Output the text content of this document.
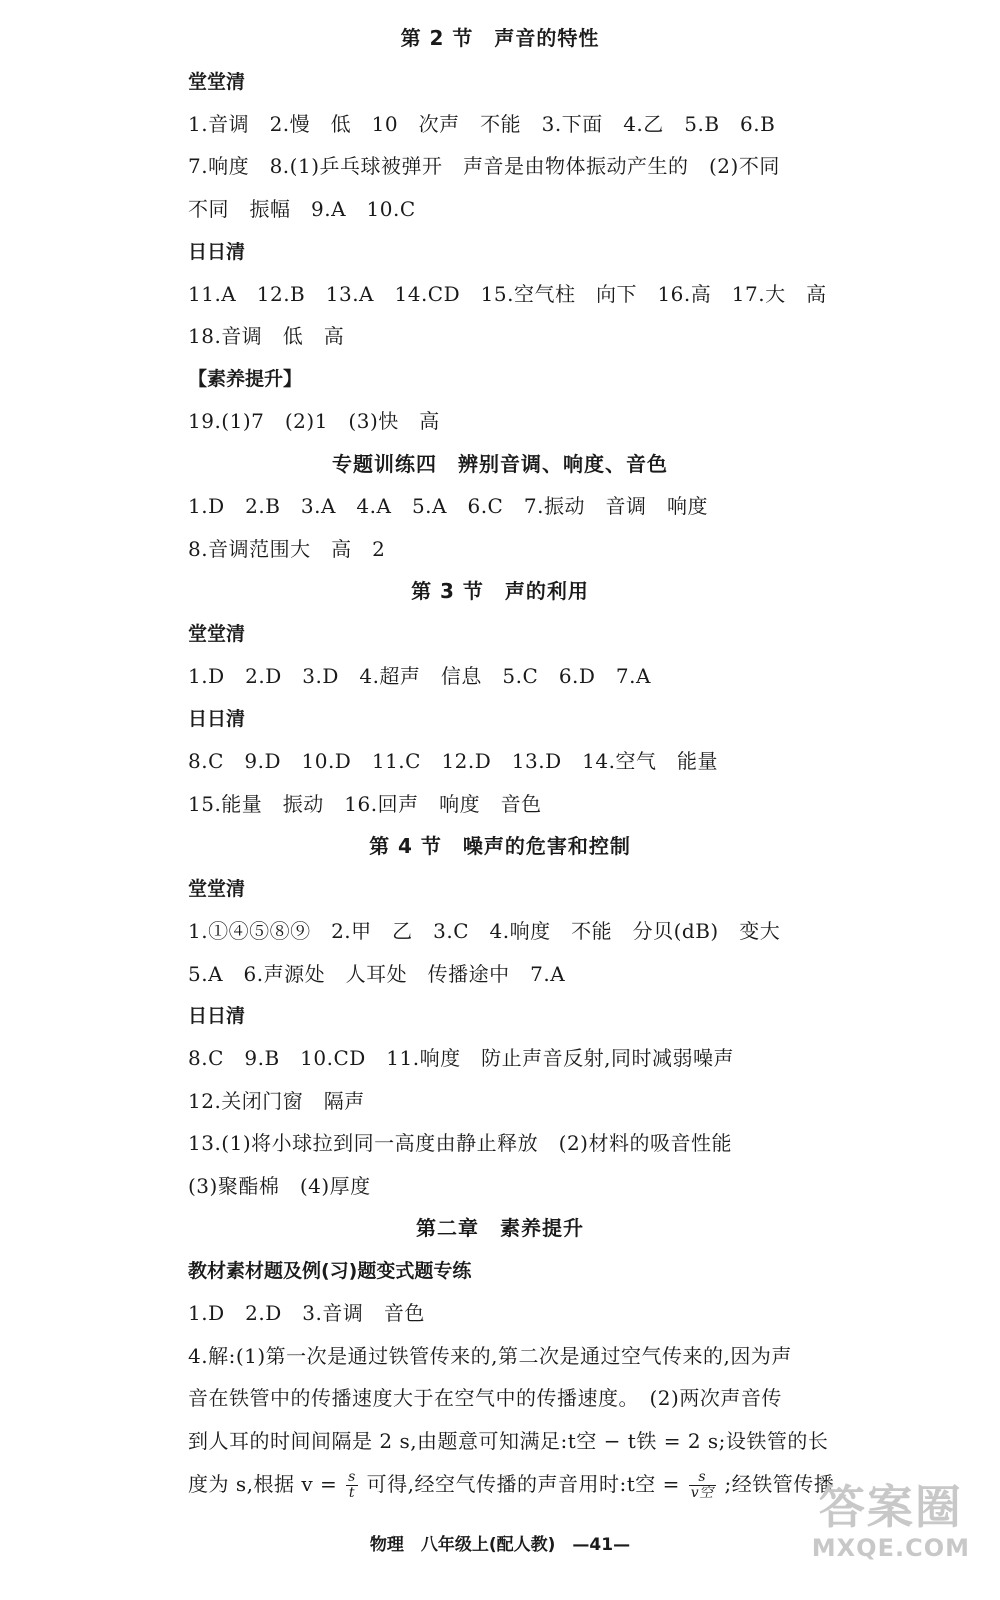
第 2 节　声音的特性
堂堂清
1.音调　2.慢　低　10　次声　不能　3.下面　4.乙　5.B　6.B
7.响度　8.(1)乒乓球被弹开　声音是由物体振动产生的　(2)不同
不同　振幅　9.A　10.C
日日清
11.A　12.B　13.A　14.CD　15.空气柱　向下　16.高　17.大　高
18.音调　低　高
【素养提升】
19.(1)7　(2)1　(3)快　高
专题训练四　辨别音调、响度、音色
1.D　2.B　3.A　4.A　5.A　6.C　7.振动　音调　响度
8.音调范围大　高　2
第 3 节　声的利用
堂堂清
1.D　2.D　3.D　4.超声　信息　5.C　6.D　7.A
日日清
8.C　9.D　10.D　11.C　12.D　13.D　14.空气　能量
15.能量　振动　16.回声　响度　音色
第 4 节　噪声的危害和控制
堂堂清
1.①④⑤⑧⑨　2.甲　乙　3.C　4.响度　不能　分贝(dB)　变大
5.A　6.声源处　人耳处　传播途中　7.A
日日清
8.C　9.B　10.CD　11.响度　防止声音反射,同时减弱噪声
12.关闭门窗　隔声
13.(1)将小球拉到同一高度由静止释放　(2)材料的吸音性能
(3)聚酯棉　(4)厚度
第二章　素养提升
教材素材题及例(习)题变式题专练
1.D　2.D　3.音调　音色
4.解:(1)第一次是通过铁管传来的,第二次是通过空气传来的,因为声
音在铁管中的传播速度大于在空气中的传播速度。　(2)两次声音传
到人耳的时间间隔是 2 s,由题意可知满足:t空 − t铁 = 2 s;设铁管的长
度为 s,根据 $v = \frac{s}{t}$ 可得,经空气传播的声音用时:t空 = $\frac{s}{\text{v空}}$ ;经铁管传播
答案圈
MXQE.COM
物理　八年级上(配人教)　—41—
